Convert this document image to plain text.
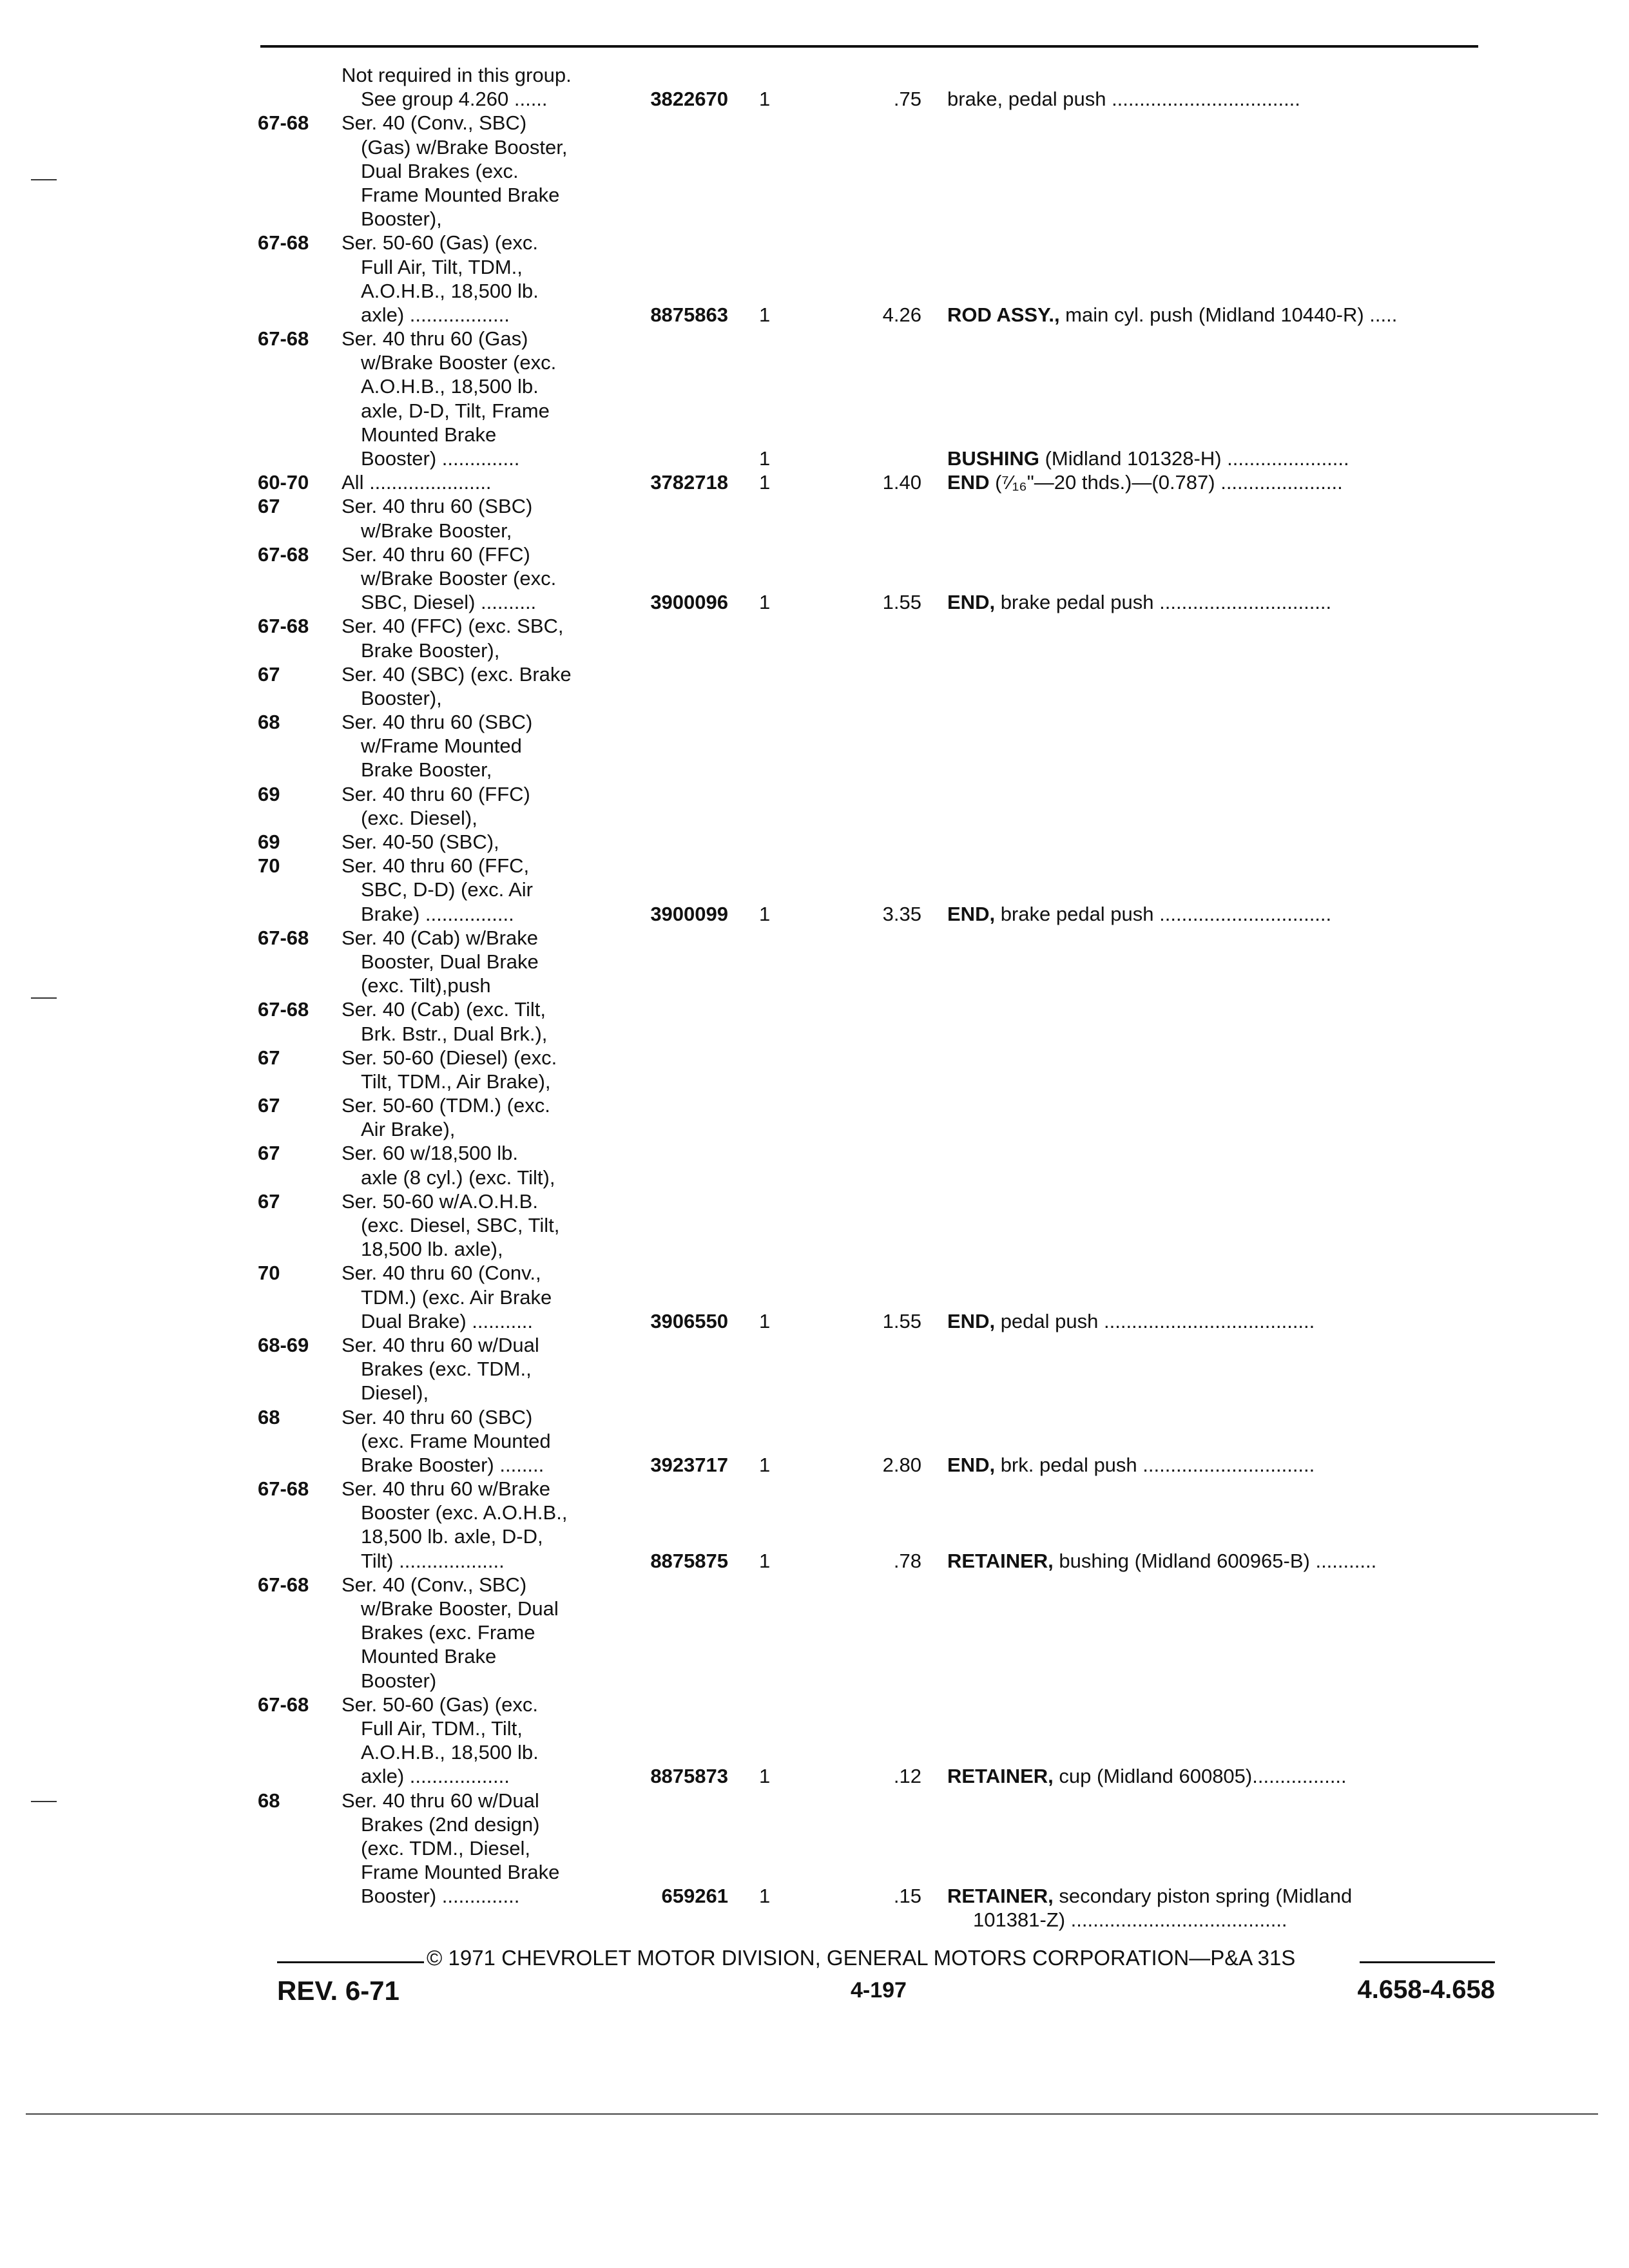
Not required in this group.
See group 4.260 ......	3822670 1	.75 brake, pedal push ..................................
67-68 Ser. 40 (Conv., SBC)
(Gas) w/Brake Booster,
Dual Brakes (exc.
Frame Mounted Brake
Booster),
67-68 Ser. 50-60 (Gas) (exc.
Full Air, Tilt, TDM.,
A.O.H.B., 18,500 lb.
axle) ..................	8875863 1	4.26 ROD ASSY., main cyl. push (Midland 10440-R) .....
67-68 Ser. 40 thru 60 (Gas)
w/Brake Booster (exc.
A.O.H.B., 18,500 lb.
axle, D-D, Tilt, Frame
Mounted Brake
Booster) ..............	1	BUSHING (Midland 101328-H) ......................
60-70 All ......................	3782718 1	1.40 END (⁷⁄₁₆"—20 thds.)—(0.787) ......................
67	Ser. 40 thru 60 (SBC)
w/Brake Booster,
67-68 Ser. 40 thru 60 (FFC)
w/Brake Booster (exc.
SBC, Diesel) ..........	3900096 1	1.55 END, brake pedal push ...............................
67-68 Ser. 40 (FFC) (exc. SBC,
Brake Booster),
67	Ser. 40 (SBC) (exc. Brake
Booster),
68	Ser. 40 thru 60 (SBC)
w/Frame Mounted
Brake Booster,
69	Ser. 40 thru 60 (FFC)
(exc. Diesel),
69	Ser. 40-50 (SBC),
70	Ser. 40 thru 60 (FFC,
SBC, D-D) (exc. Air
Brake) ................	3900099 1	3.35 END, brake pedal push ...............................
67-68 Ser. 40 (Cab) w/Brake
Booster, Dual Brake
(exc. Tilt),push
67-68 Ser. 40 (Cab) (exc. Tilt,
Brk. Bstr., Dual Brk.),
67	Ser. 50-60 (Diesel) (exc.
Tilt, TDM., Air Brake),
67	Ser. 50-60 (TDM.) (exc.
Air Brake),
67	Ser. 60 w/18,500 lb.
axle (8 cyl.) (exc. Tilt),
67	Ser. 50-60 w/A.O.H.B.
(exc. Diesel, SBC, Tilt,
18,500 lb. axle),
70	Ser. 40 thru 60 (Conv.,
TDM.) (exc. Air Brake
Dual Brake) ...........	3906550 1	1.55 END, pedal push ......................................
68-69 Ser. 40 thru 60 w/Dual
Brakes (exc. TDM.,
Diesel),
68	Ser. 40 thru 60 (SBC)
(exc. Frame Mounted
Brake Booster) ........	3923717 1	2.80 END, brk. pedal push ...............................
67-68 Ser. 40 thru 60 w/Brake
Booster (exc. A.O.H.B.,
18,500 lb. axle, D-D,
Tilt) ...................	8875875 1	.78 RETAINER, bushing (Midland 600965-B) ...........
67-68 Ser. 40 (Conv., SBC)
w/Brake Booster, Dual
Brakes (exc. Frame
Mounted Brake
Booster)
67-68 Ser. 50-60 (Gas) (exc.
Full Air, TDM., Tilt,
A.O.H.B., 18,500 lb.
axle) ..................	8875873 1	.12 RETAINER, cup (Midland 600805).................
68	Ser. 40 thru 60 w/Dual
Brakes (2nd design)
(exc. TDM., Diesel,
Frame Mounted Brake
Booster) ..............	659261 1	.15 RETAINER, secondary piston spring (Midland
101381-Z) .......................................
© 1971 CHEVROLET MOTOR DIVISION, GENERAL MOTORS CORPORATION—P&A 31S
REV. 6-71	4-197	4.658-4.658
